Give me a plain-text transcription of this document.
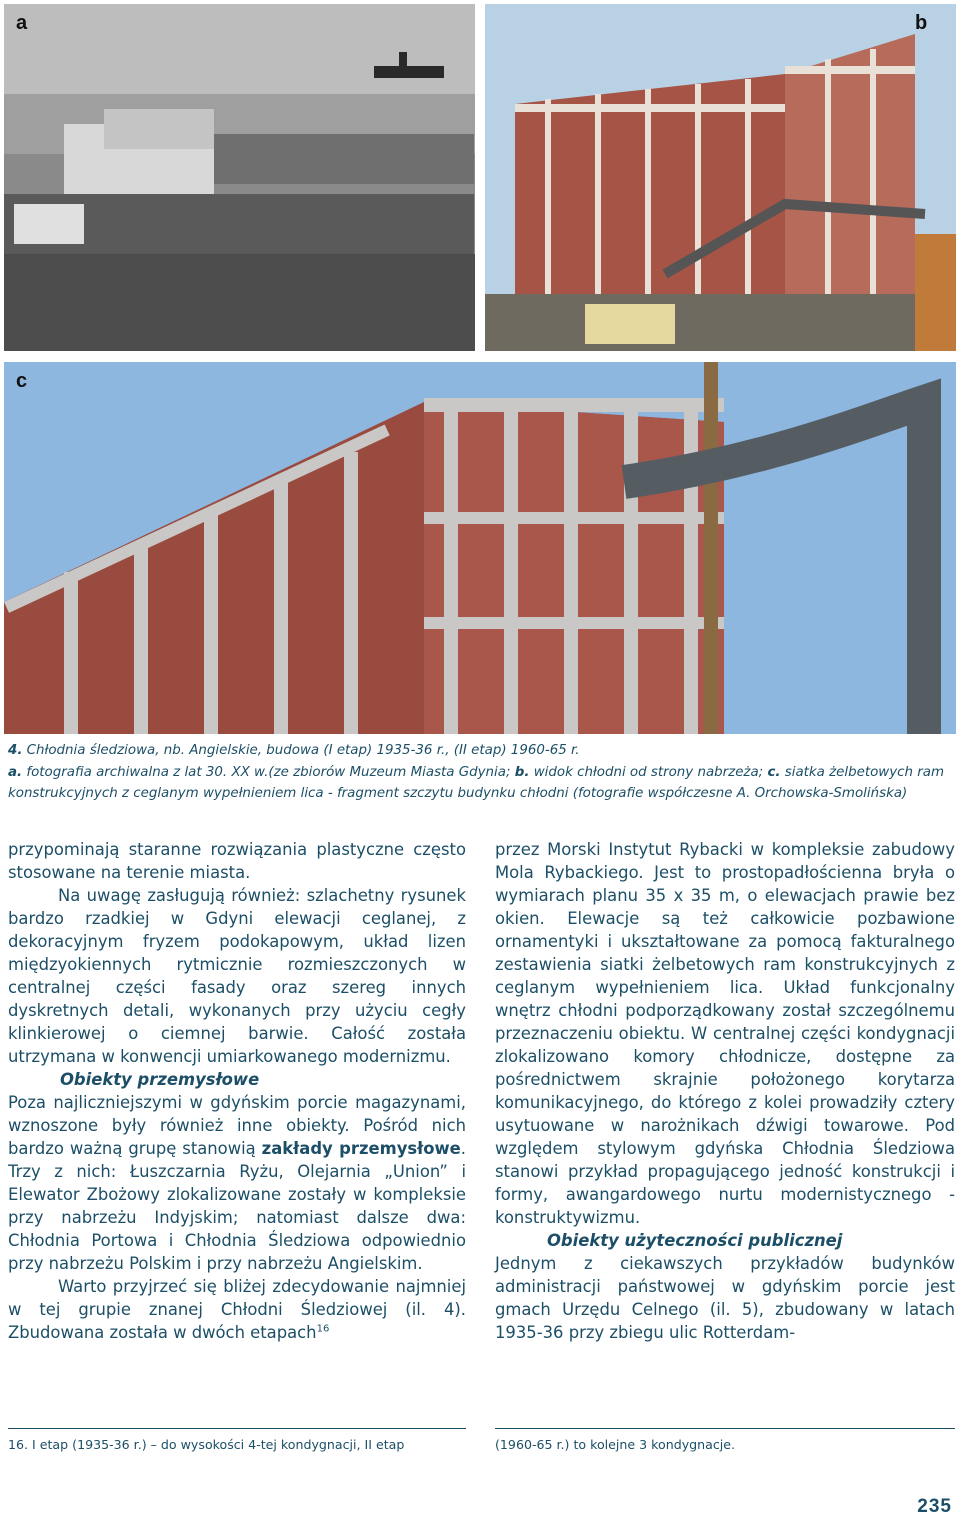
a	b
c
4. Chłodnia śledziowa, nb. Angielskie, budowa (I etap) 1935-36 r., (II etap) 1960-65 r.
a. fotografia archiwalna z lat 30. XX w.(ze zbiorów Muzeum Miasta Gdynia; b. widok chłodni od strony nabrzeża; c. siatka żelbetowych ram konstrukcyjnych z ceglanym wypełnieniem lica - fragment szczytu budynku chłodni (fotografie współczesne A. Orchowska-Smolińska)

przypominają staranne rozwiązania plastyczne często stosowane na terenie miasta.

Na uwagę zasługują również: szlachetny rysunek bardzo rzadkiej w Gdyni elewacji ceglanej, z dekoracyjnym fryzem podokapowym, układ lizen międzyokiennych rytmicznie rozmieszczonych w centralnej części fasady oraz szereg innych dyskretnych detali, wykonanych przy użyciu cegły klinkierowej o ciemnej barwie. Całość została utrzymana w konwencji umiarkowanego modernizmu.

Obiekty przemysłowe

Poza najliczniejszymi w gdyńskim porcie magazynami, wznoszone były również inne obiekty. Pośród nich bardzo ważną grupę stanowią zakłady przemysłowe. Trzy z nich: Łuszczarnia Ryżu, Olejarnia „Union” i Elewator Zbożowy zlokalizowane zostały w kompleksie przy nabrzeżu Indyjskim; natomiast dalsze dwa: Chłodnia Portowa i Chłodnia Śledziowa odpowiednio przy nabrzeżu Polskim i przy nabrzeżu Angielskim.

Warto przyjrzeć się bliżej zdecydowanie najmniej w tej grupie znanej Chłodni Śledziowej (il. 4). Zbudowana została w dwóch etapach$^{16}$

przez Morski Instytut Rybacki w kompleksie zabudowy Mola Rybackiego. Jest to prostopadłościenna bryła o wymiarach planu 35 x 35 m, o elewacjach prawie bez okien. Elewacje są też całkowicie pozbawione ornamentyki i ukształtowane za pomocą fakturalnego zestawienia siatki żelbetowych ram konstrukcyjnych z ceglanym wypełnieniem lica. Układ funkcjonalny wnętrz chłodni podporządkowany został szczególnemu przeznaczeniu obiektu. W centralnej części kondygnacji zlokalizowano komory chłodnicze, dostępne za pośrednictwem skrajnie położonego korytarza komunikacyjnego, do którego z kolei prowadziły cztery usytuowane w narożnikach dźwigi towarowe. Pod względem stylowym gdyńska Chłodnia Śledziowa stanowi przykład propagującego jedność konstrukcji i formy, awangardowego nurtu modernistycznego - konstruktywizmu.

Obiekty użyteczności publicznej

Jednym z ciekawszych przykładów budynków administracji państwowej w gdyńskim porcie jest gmach Urzędu Celnego (il. 5), zbudowany w latach 1935-36 przy zbiegu ulic Rotterdam-

16. I etap (1935-36 r.) – do wysokości 4-tej kondygnacji, II etap	(1960-65 r.) to kolejne 3 kondygnacje.
235
